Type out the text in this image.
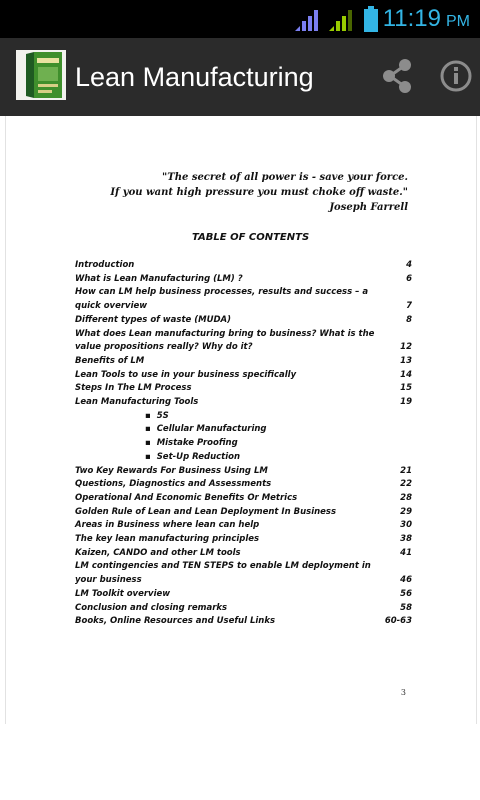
11:19 PM
Lean Manufacturing
"The secret of all power is - save your force.
If you want high pressure you must choke off waste."
Joseph Farrell
TABLE OF CONTENTS
Introduction	4
What is Lean Manufacturing (LM) ?	6
How can LM help business processes, results and success – a quick overview	7
Different types of waste (MUDA)	8
What does Lean manufacturing bring to business? What is the value propositions really? Why do it?	12
Benefits of LM	13
Lean Tools to use in your business specifically	14
Steps In The LM Process	15
Lean Manufacturing Tools	19
▪  5S
▪  Cellular Manufacturing
▪  Mistake Proofing
▪  Set-Up Reduction
Two Key Rewards For Business Using LM	21
Questions, Diagnostics and Assessments	22
Operational And Economic Benefits Or Metrics	28
Golden Rule of Lean and Lean Deployment In Business	29
Areas in Business where lean can help	30
The key lean manufacturing principles	38
Kaizen, CANDO and other LM tools	41
LM contingencies and TEN STEPS to enable LM deployment in your business	46
LM Toolkit overview	56
Conclusion and closing remarks	58
Books, Online Resources and Useful Links	60-63
3
